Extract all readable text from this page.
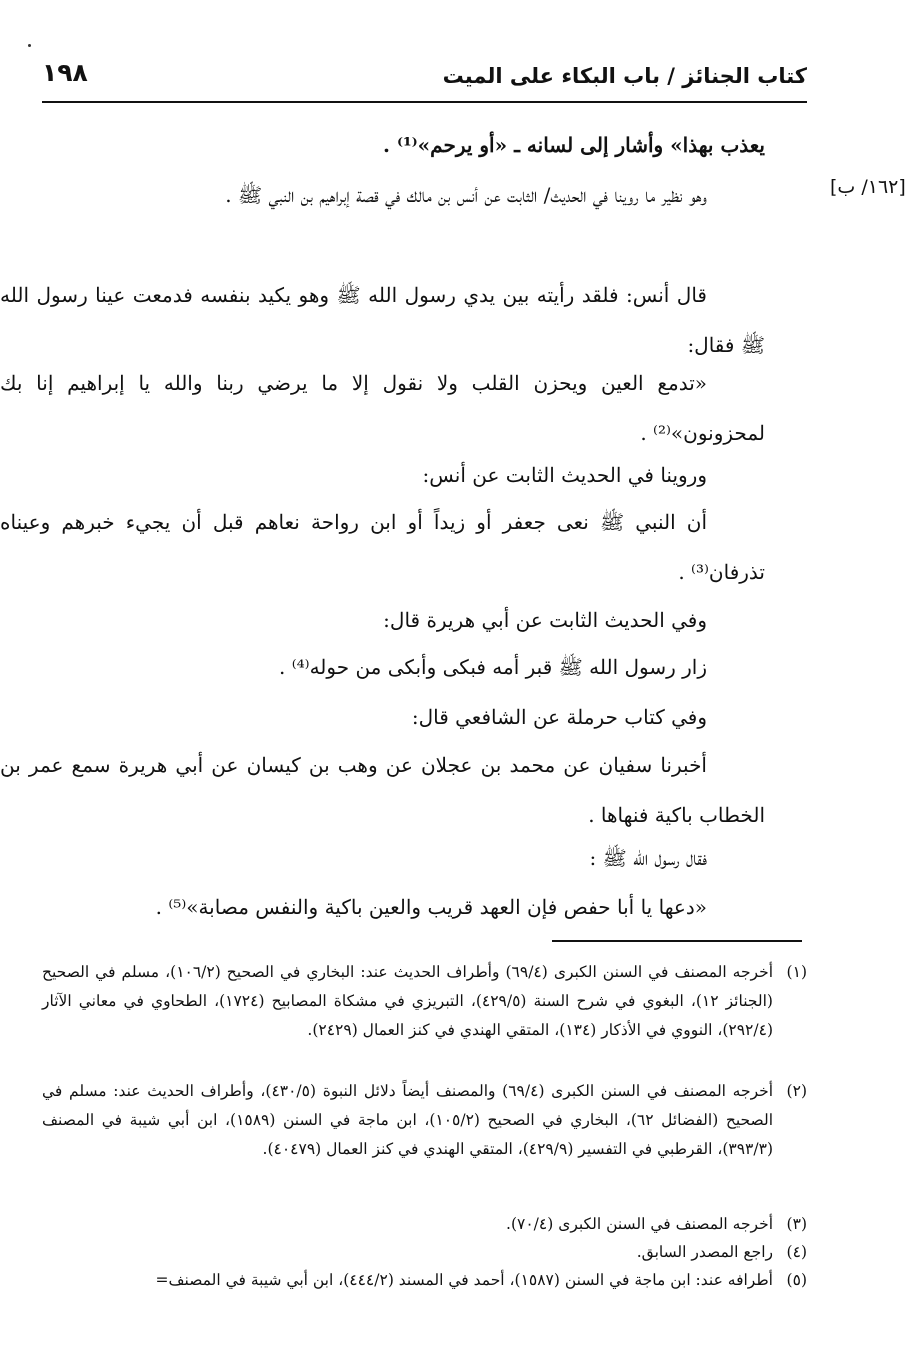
كتاب الجنائز / باب البكاء على الميت
١٩٨
[١٦٢/ ب]
يعذب بهذا» وأشار إلى لسانه ـ «أو يرحم»⁽¹⁾ .
وهو نظير ما روينا في الحديث/ الثابت عن أنس بن مالك في قصة إبراهيم بن النبي ﷺ .
قال أنس: فلقد رأيته بين يدي رسول الله ﷺ وهو يكيد بنفسه فدمعت عينا رسول الله ﷺ فقال:
«تدمع العين ويحزن القلب ولا نقول إلا ما يرضي ربنا والله يا إبراهيم إنا بك لمحزونون»⁽²⁾ .
وروينا في الحديث الثابت عن أنس:
أن النبي ﷺ نعى جعفر أو زيداً أو ابن رواحة نعاهم قبل أن يجيء خبرهم وعيناه تذرفان⁽³⁾ .
وفي الحديث الثابت عن أبي هريرة قال:
زار رسول الله ﷺ قبر أمه فبكى وأبكى من حوله⁽⁴⁾ .
وفي كتاب حرملة عن الشافعي قال:
أخبرنا سفيان عن محمد بن عجلان عن وهب بن كيسان عن أبي هريرة سمع عمر بن الخطاب باكية فنهاها .
فقال رسول الله ﷺ :
«دعها يا أبا حفص فإن العهد قريب والعين باكية والنفس مصابة»⁽⁵⁾ .
(١)
أخرجه المصنف في السنن الكبرى (٦٩/٤) وأطراف الحديث عند: البخاري في الصحيح (١٠٦/٢)، مسلم في الصحيح (الجنائز ١٢)، البغوي في شرح السنة (٤٢٩/٥)، التبريزي في مشكاة المصابيح (١٧٢٤)، الطحاوي في معاني الآثار (٢٩٢/٤)، النووي في الأذكار (١٣٤)، المتقي الهندي في كنز العمال (٢٤٢٩).
(٢)
أخرجه المصنف في السنن الكبرى (٦٩/٤) والمصنف أيضاً دلائل النبوة (٤٣٠/٥)، وأطراف الحديث عند: مسلم في الصحيح (الفضائل ٦٢)، البخاري في الصحيح (١٠٥/٢)، ابن ماجة في السنن (١٥٨٩)، ابن أبي شيبة في المصنف (٣٩٣/٣)، القرطبي في التفسير (٤٢٩/٩)، المتقي الهندي في كنز العمال (٤٠٤٧٩).
(٣)
أخرجه المصنف في السنن الكبرى (٧٠/٤).
(٤)
راجع المصدر السابق.
(٥)
أطرافه عند: ابن ماجة في السنن (١٥٨٧)، أحمد في المسند (٤٤٤/٢)، ابن أبي شيبة في المصنف=
